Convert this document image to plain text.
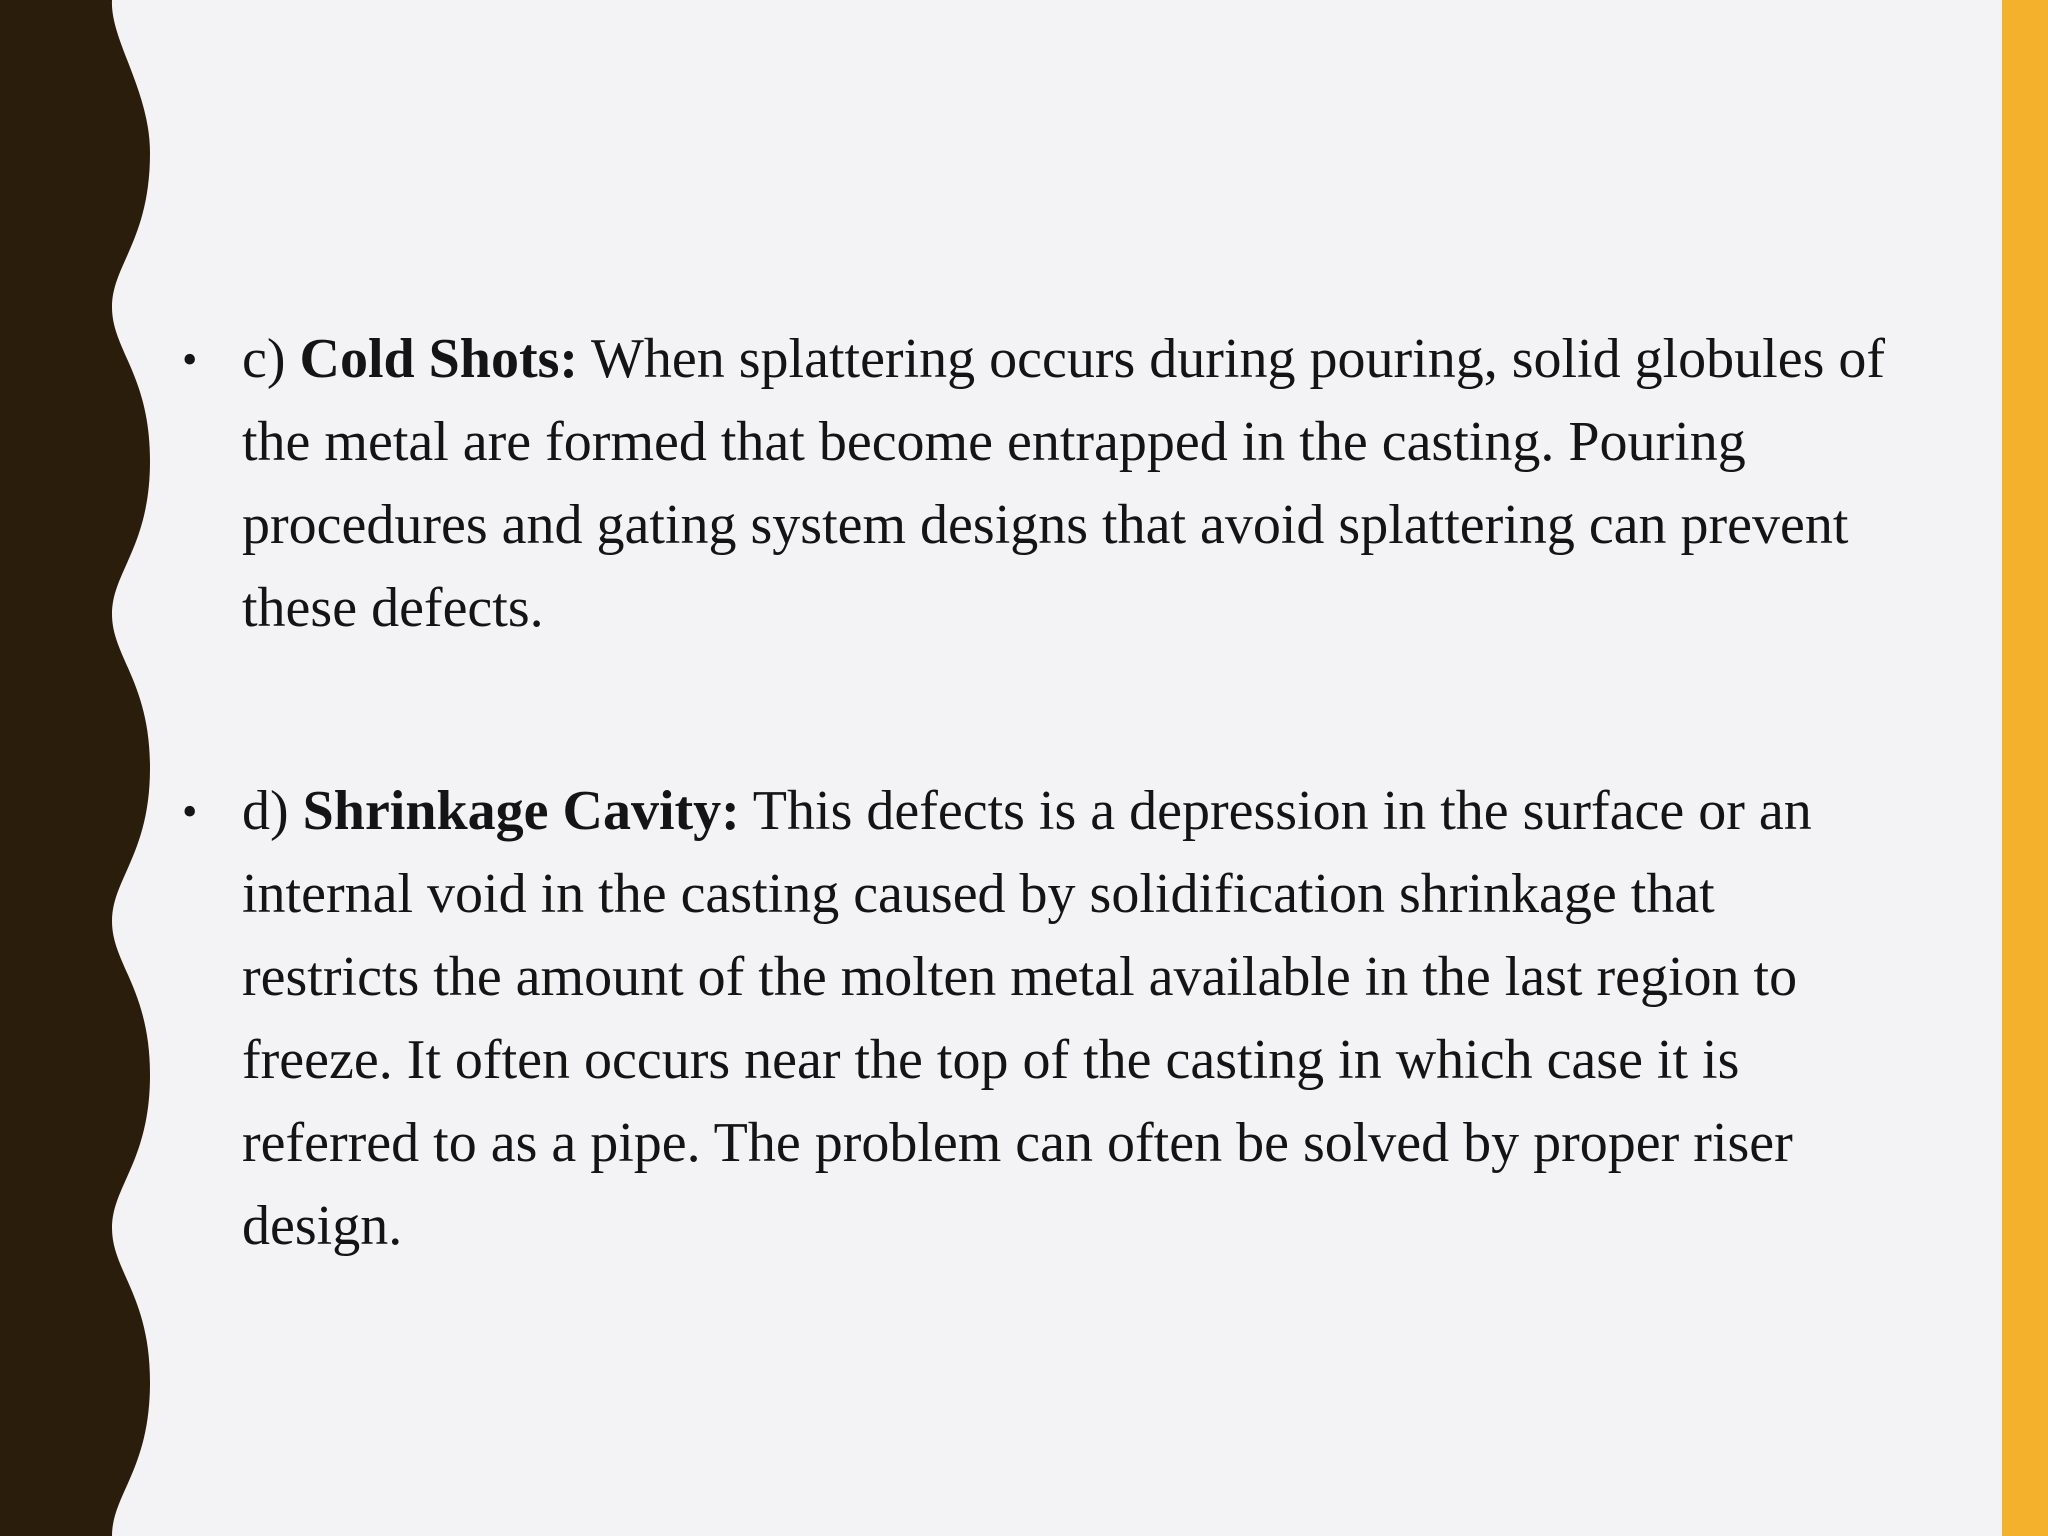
• c) Cold Shots: When splattering occurs during pouring, solid globules of the metal are formed that become entrapped in the casting. Pouring procedures and gating system designs that avoid splattering can prevent these defects.

• d) Shrinkage Cavity: This defects is a depression in the surface or an internal void in the casting caused by solidification shrinkage that restricts the amount of the molten metal available in the last region to freeze. It often occurs near the top of the casting in which case it is referred to as a pipe. The problem can often be solved by proper riser design.
